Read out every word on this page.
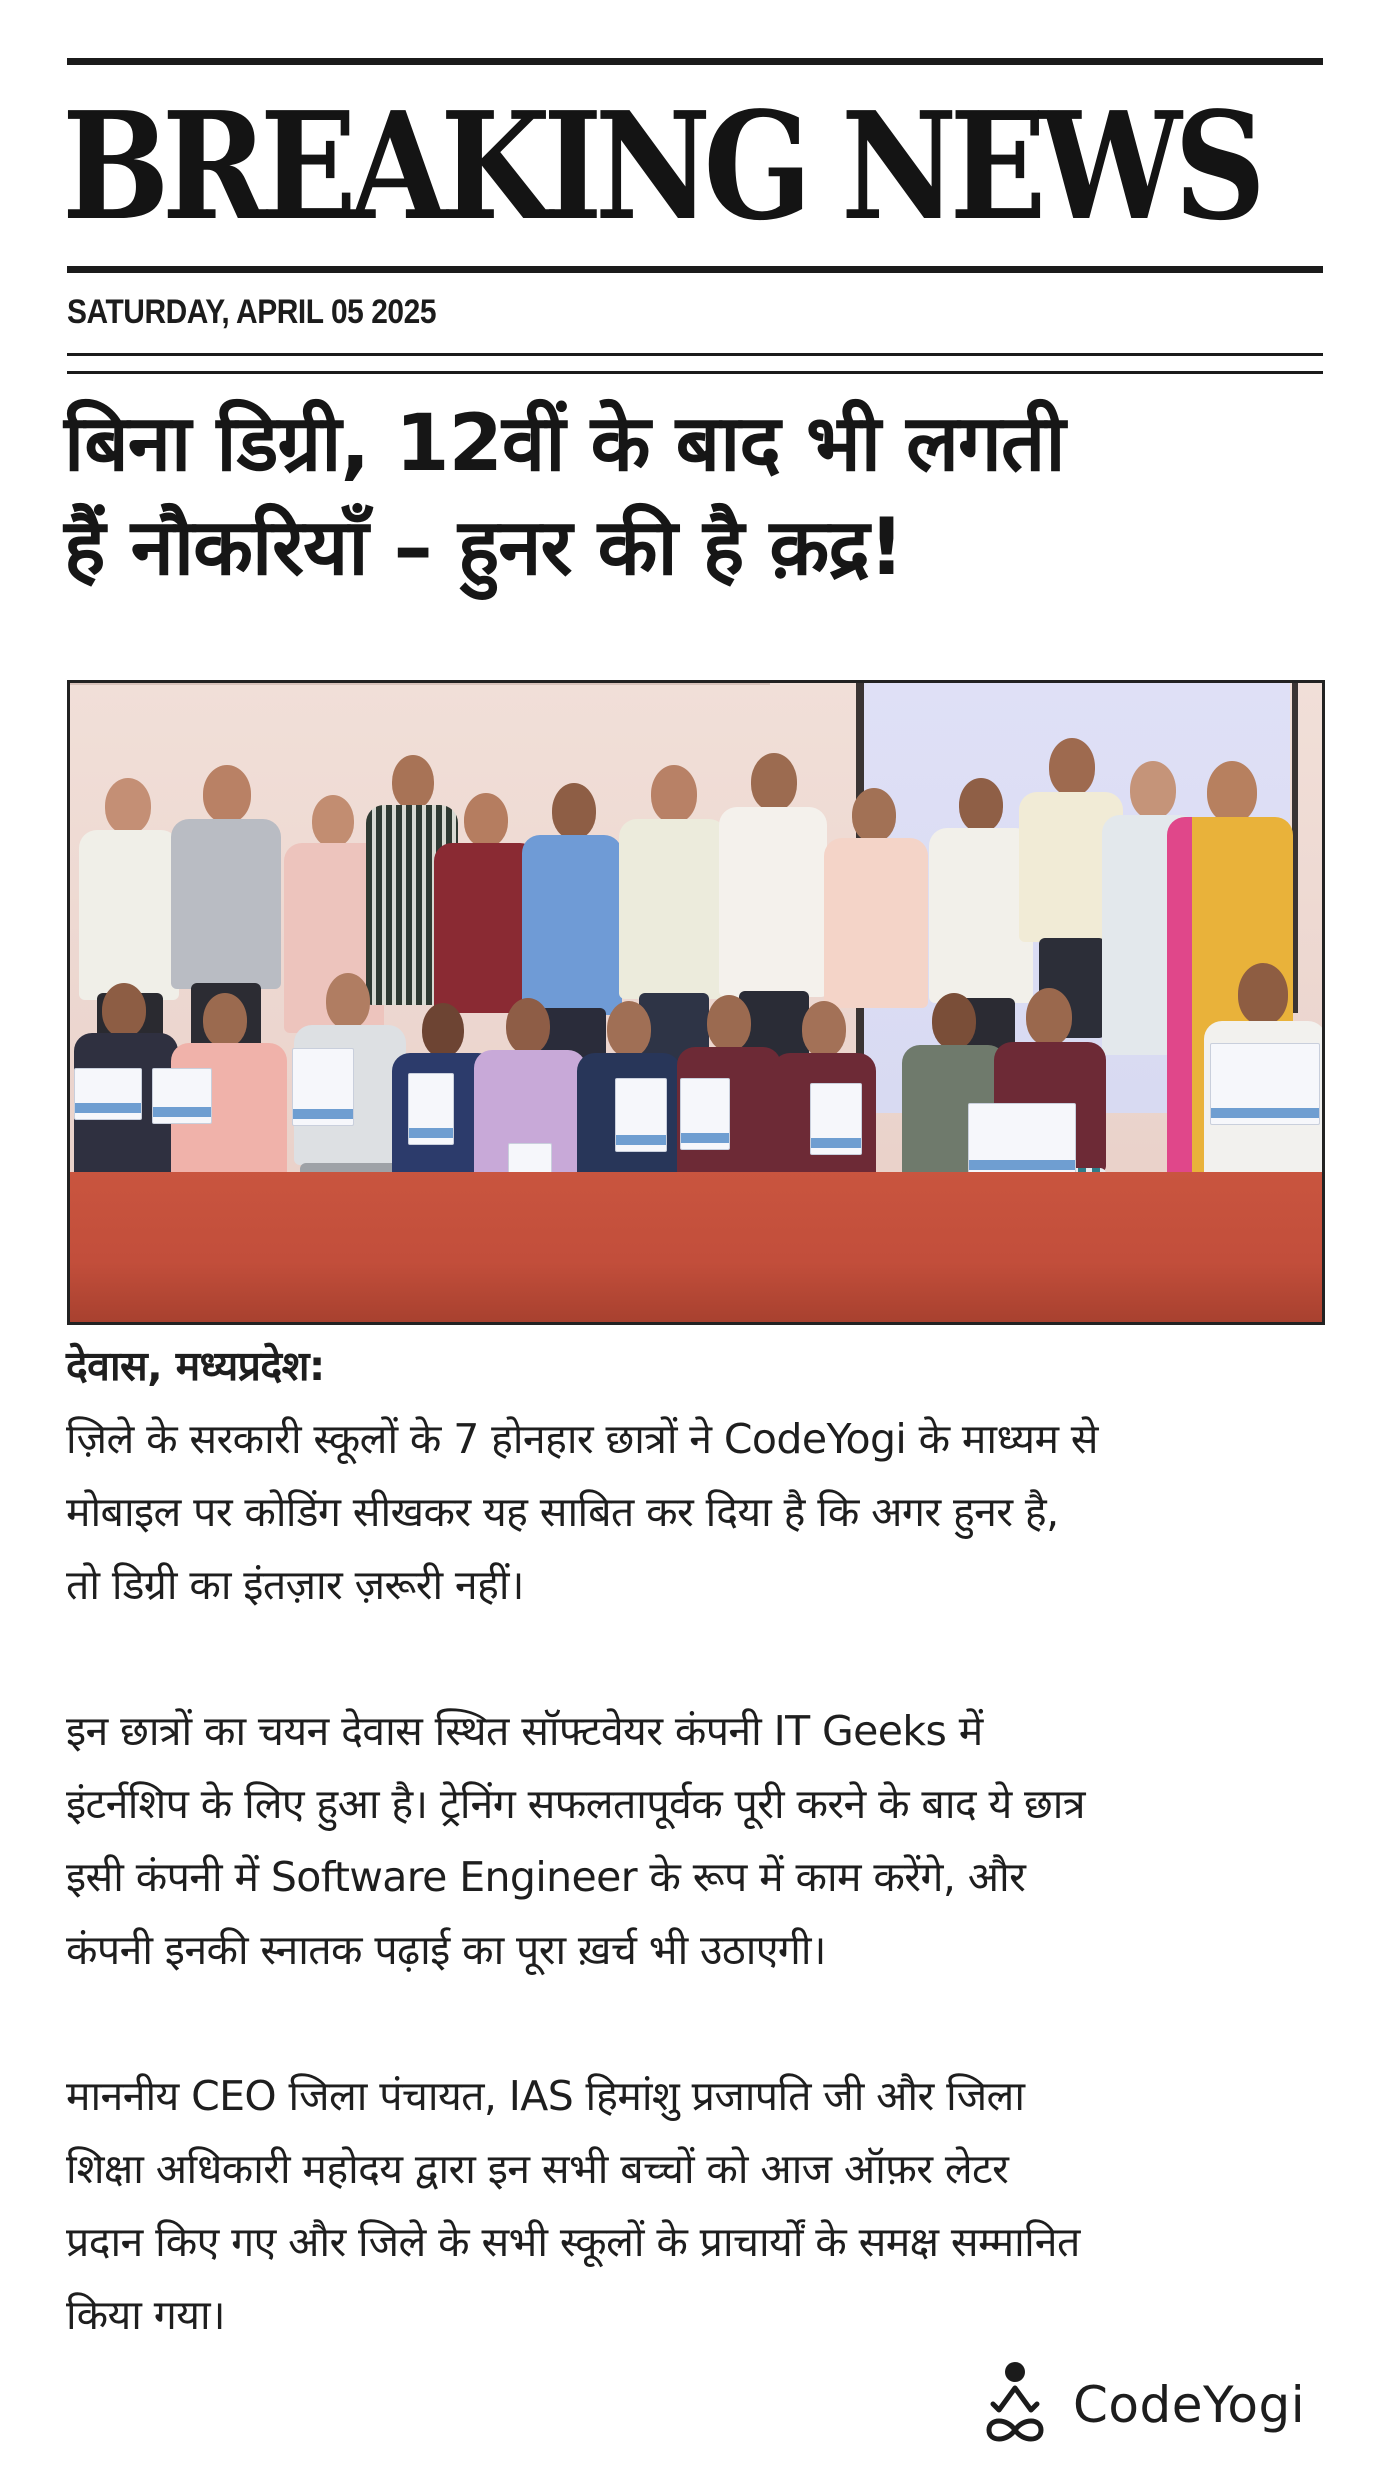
BREAKING NEWS
SATURDAY, APRIL 05 2025
बिना डिग्री, 12वीं के बाद भी लगती
हैं नौकरियाँ – हुनर की है क़द्र!
देवास, मध्यप्रदेश:
ज़िले के सरकारी स्कूलों के 7 होनहार छात्रों ने CodeYogi के माध्यम से
मोबाइल पर कोडिंग सीखकर यह साबित कर दिया है कि अगर हुनर है,
तो डिग्री का इंतज़ार ज़रूरी नहीं।
इन छात्रों का चयन देवास स्थित सॉफ्टवेयर कंपनी IT Geeks में
इंटर्नशिप के लिए हुआ है। ट्रेनिंग सफलतापूर्वक पूरी करने के बाद ये छात्र
इसी कंपनी में Software Engineer के रूप में काम करेंगे, और
कंपनी इनकी स्नातक पढ़ाई का पूरा ख़र्च भी उठाएगी।
माननीय CEO जिला पंचायत, IAS हिमांशु प्रजापति जी और जिला
शिक्षा अधिकारी महोदय द्वारा इन सभी बच्चों को आज ऑफ़र लेटर
प्रदान किए गए और जिले के सभी स्कूलों के प्राचार्यों के समक्ष सम्मानित
किया गया।
CodeYogi
